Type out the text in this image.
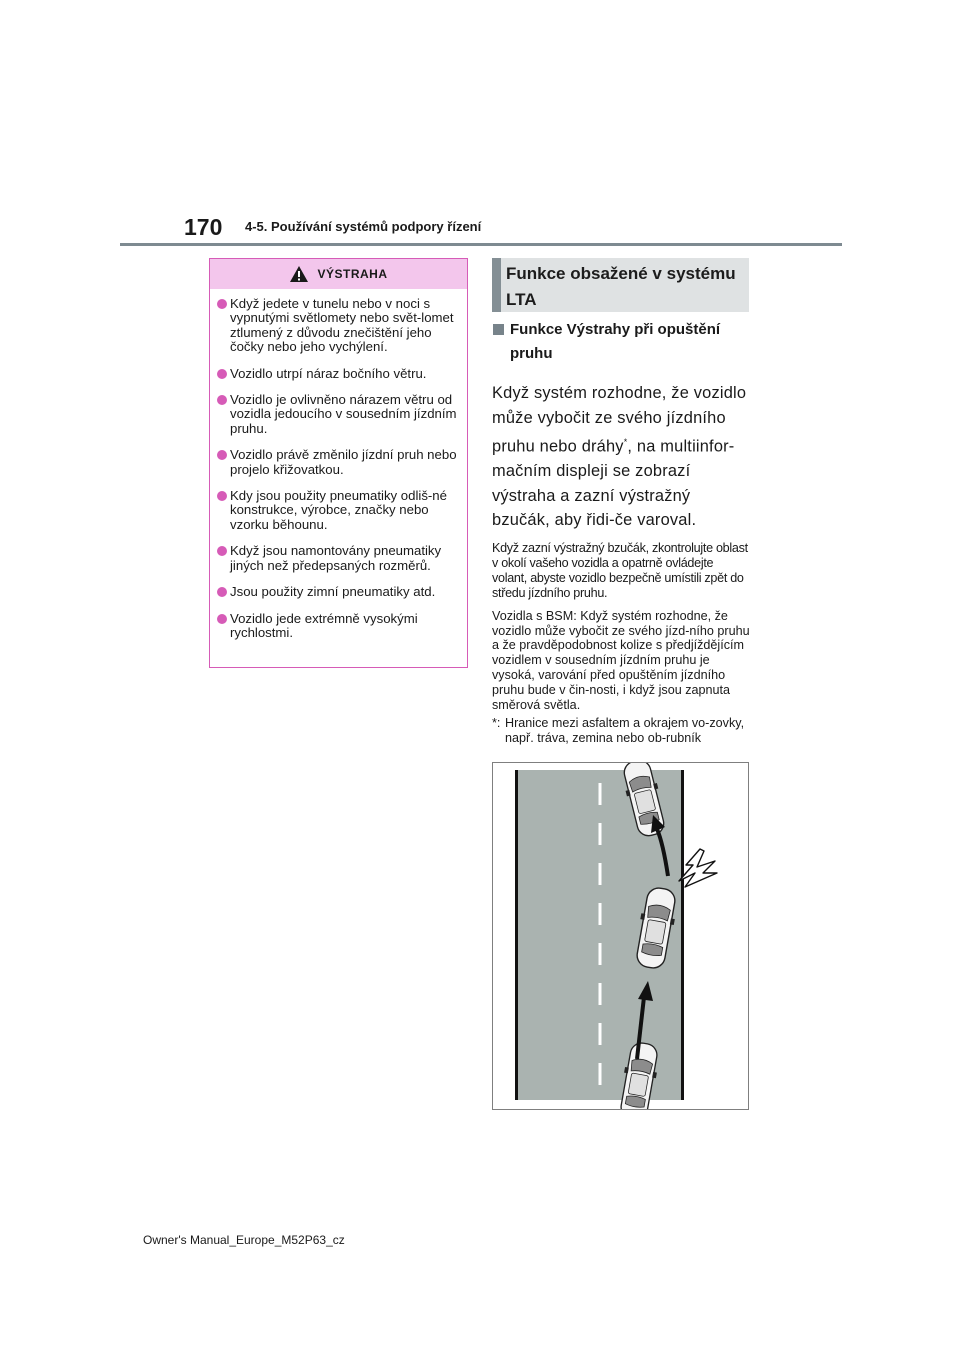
170 4-5. Používání systémů podpory řízení
VÝSTRAHA
Když jedete v tunelu nebo v noci s vypnutými světlomety nebo svět-lomet ztlumený z důvodu znečištění jeho čočky nebo jeho vychýlení.
Vozidlo utrpí náraz bočního větru.
Vozidlo je ovlivněno nárazem větru od vozidla jedoucího v sousedním jízdním pruhu.
Vozidlo právě změnilo jízdní pruh nebo projelo křižovatkou.
Kdy jsou použity pneumatiky odliš-né konstrukce, výrobce, značky nebo vzorku běhounu.
Když jsou namontovány pneumatiky jiných než předepsaných rozměrů.
Jsou použity zimní pneumatiky atd.
Vozidlo jede extrémně vysokými rychlostmi.
Funkce obsažené v systému LTA
Funkce Výstrahy při opuštění pruhu

Když systém rozhodne, že vozidlo může vybočit ze svého jízdního pruhu nebo dráhy*, na multiinfor-mačním displeji se zobrazí výstraha a zazní výstražný bzučák, aby řidi-če varoval.

Když zazní výstražný bzučák, zkontrolujte oblast v okolí vašeho vozidla a opatrně ovládejte volant, abyste vozidlo bezpečně umístili zpět do středu jízdního pruhu.

Vozidla s BSM: Když systém rozhodne, že vozidlo může vybočit ze svého jízd-ního pruhu a že pravděpodobnost kolize s předjíždějícím vozidlem v sousedním jízdním pruhu je vysoká, varování před opuštěním jízdního pruhu bude v čin-nosti, i když jsou zapnuta směrová světla.

*: Hranice mezi asfaltem a okrajem vo-zovky, např. tráva, zemina nebo ob-rubník
Owner's Manual_Europe_M52P63_cz
